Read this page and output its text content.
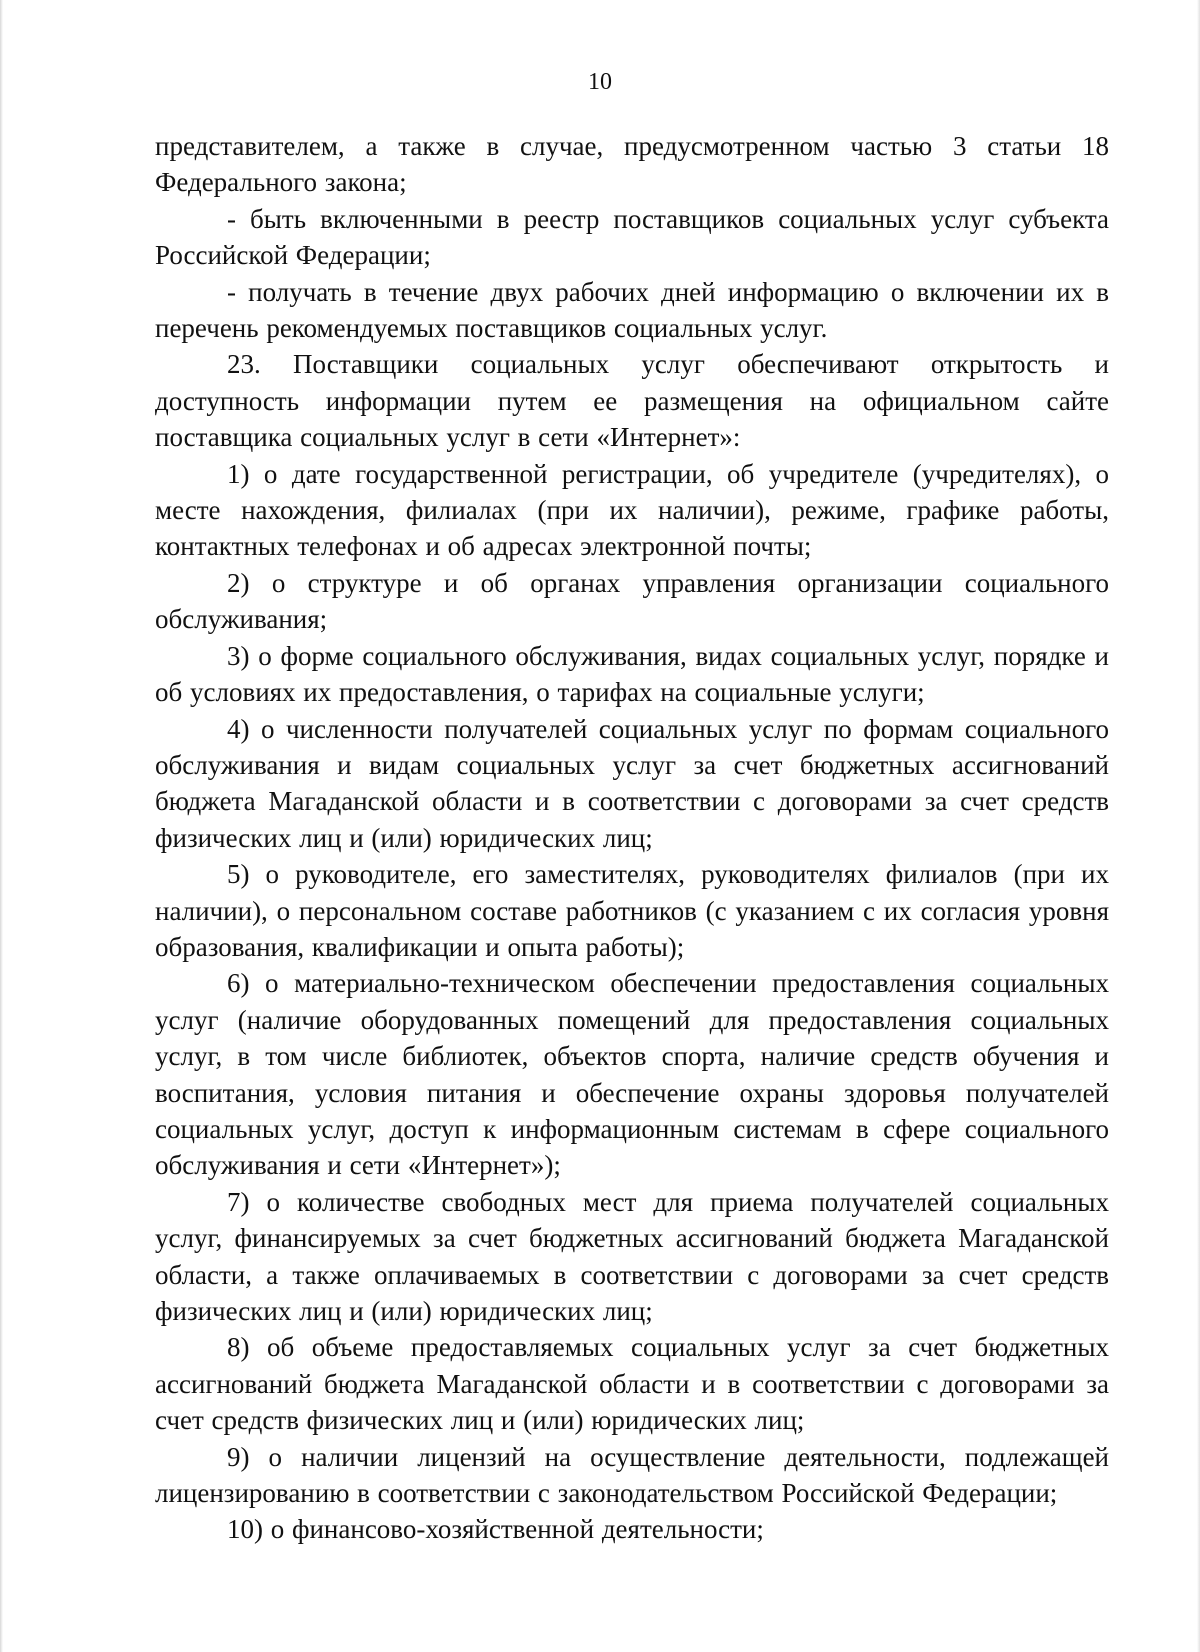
10

представителем, а также в случае, предусмотренном частью 3 статьи 18 Федерального закона;

- быть включенными в реестр поставщиков социальных услуг субъекта Российской Федерации;

- получать в течение двух рабочих дней информацию о включении их в перечень рекомендуемых поставщиков социальных услуг.

23. Поставщики социальных услуг обеспечивают открытость и доступность информации путем ее размещения на официальном сайте поставщика социальных услуг в сети «Интернет»:

1) о дате государственной регистрации, об учредителе (учредителях), о месте нахождения, филиалах (при их наличии), режиме, графике работы, контактных телефонах и об адресах электронной почты;

2) о структуре и об органах управления организации социального обслуживания;

3) о форме социального обслуживания, видах социальных услуг, порядке и об условиях их предоставления, о тарифах на социальные услуги;

4) о численности получателей социальных услуг по формам социального обслуживания и видам социальных услуг за счет бюджетных ассигнований бюджета Магаданской области и в соответствии с договорами за счет средств физических лиц и (или) юридических лиц;

5) о руководителе, его заместителях, руководителях филиалов (при их наличии), о персональном составе работников (с указанием с их согласия уровня образования, квалификации и опыта работы);

6) о материально-техническом обеспечении предоставления социальных услуг (наличие оборудованных помещений для предоставления социальных услуг, в том числе библиотек, объектов спорта, наличие средств обучения и воспитания, условия питания и обеспечение охраны здоровья получателей социальных услуг, доступ к информационным системам в сфере социального обслуживания и сети «Интернет»);

7) о количестве свободных мест для приема получателей социальных услуг, финансируемых за счет бюджетных ассигнований бюджета Магаданской области, а также оплачиваемых в соответствии с договорами за счет средств физических лиц и (или) юридических лиц;

8) об объеме предоставляемых социальных услуг за счет бюджетных ассигнований бюджета Магаданской области и в соответствии с договорами за счет средств физических лиц и (или) юридических лиц;

9) о наличии лицензий на осуществление деятельности, подлежащей лицензированию в соответствии с законодательством Российской Федерации;

10) о финансово-хозяйственной деятельности;
